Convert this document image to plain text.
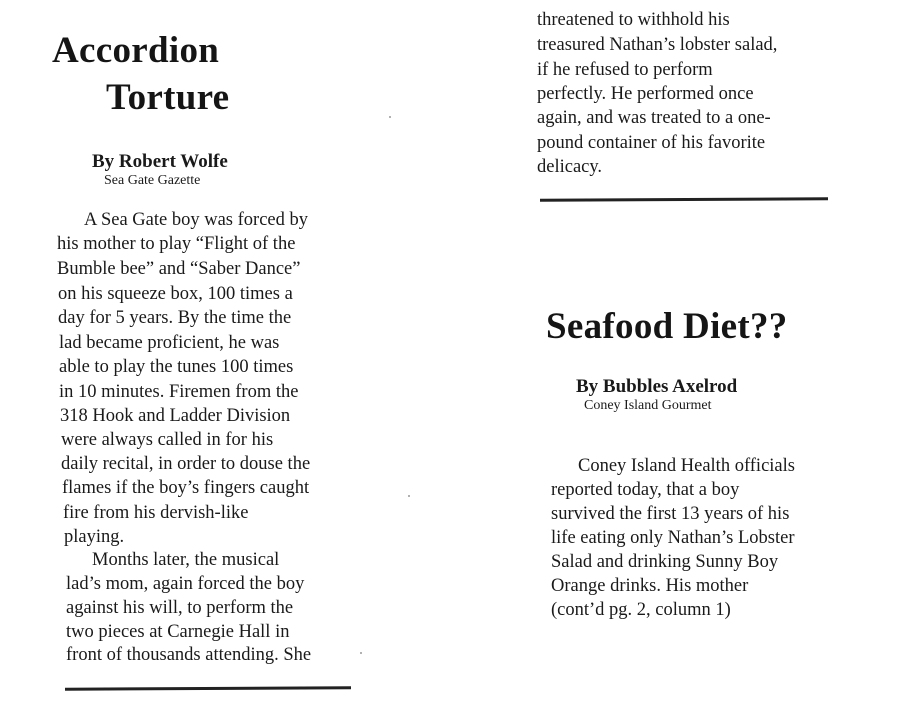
Accordion
Torture

By Robert Wolfe

Sea Gate Gazette

A Sea Gate boy was forced by

his mother to play “Flight of the

Bumble bee” and “Saber Dance”

on his squeeze box, 100 times a

day for 5 years. By the time the

lad became proficient, he was

able to play the tunes 100 times

in 10 minutes. Firemen from the

318 Hook and Ladder Division

were always called in for his

daily recital, in order to douse the

flames if the boy’s fingers caught

fire from his dervish-like

playing.

Months later, the musical

lad’s mom, again forced the boy

against his will, to perform the

two pieces at Carnegie Hall in

front of thousands attending. She

threatened to withhold his

treasured Nathan’s lobster salad,

if he refused to perform

perfectly. He performed once

again, and was treated to a one-

pound container of his favorite

delicacy.

Seafood Diet??

By Bubbles Axelrod

Coney Island Gourmet

Coney Island Health officials

reported today, that a boy

survived the first 13 years of his

life eating only Nathan’s Lobster

Salad and drinking Sunny Boy

Orange drinks. His mother

(cont’d pg. 2, column 1)
